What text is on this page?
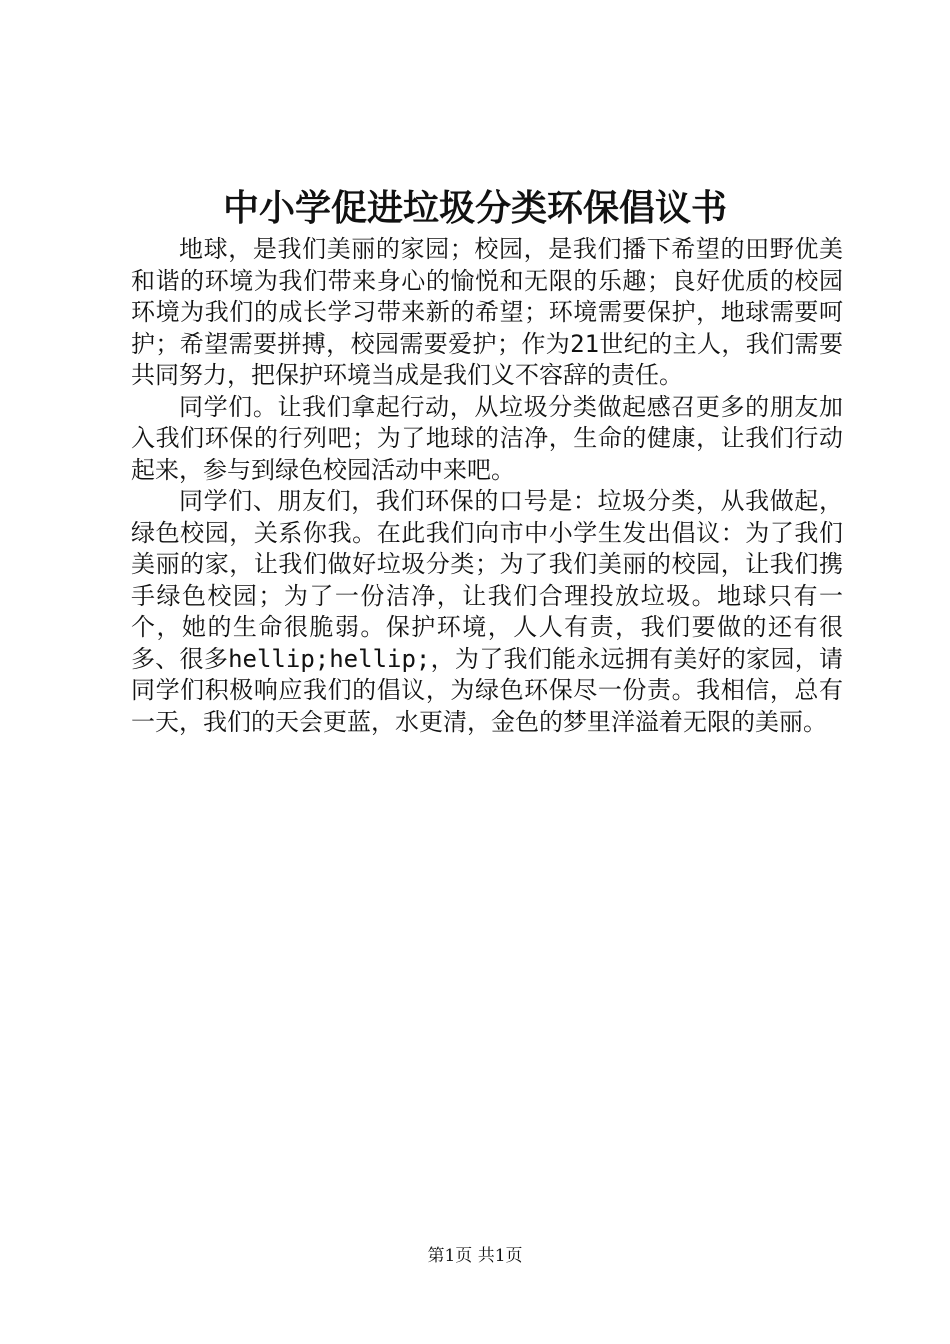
中小学促进垃圾分类环保倡议书

地球，是我们美丽的家园；校园，是我们播下希望的田野优美和谐的环境为我们带来身心的愉悦和无限的乐趣；良好优质的校园环境为我们的成长学习带来新的希望；环境需要保护，地球需要呵护；希望需要拼搏，校园需要爱护；作为21世纪的主人，我们需要共同努力，把保护环境当成是我们义不容辞的责任。

同学们。让我们拿起行动，从垃圾分类做起感召更多的朋友加入我们环保的行列吧；为了地球的洁净，生命的健康，让我们行动起来，参与到绿色校园活动中来吧。

同学们、朋友们，我们环保的口号是：垃圾分类，从我做起，绿色校园，关系你我。在此我们向市中小学生发出倡议：为了我们美丽的家，让我们做好垃圾分类；为了我们美丽的校园，让我们携手绿色校园；为了一份洁净，让我们合理投放垃圾。地球只有一个，她的生命很脆弱。保护环境，人人有责，我们要做的还有很多、很多hellip;hellip;，为了我们能永远拥有美好的家园，请同学们积极响应我们的倡议，为绿色环保尽一份责。我相信，总有一天，我们的天会更蓝，水更清，金色的梦里洋溢着无限的美丽。

第1页 共1页
